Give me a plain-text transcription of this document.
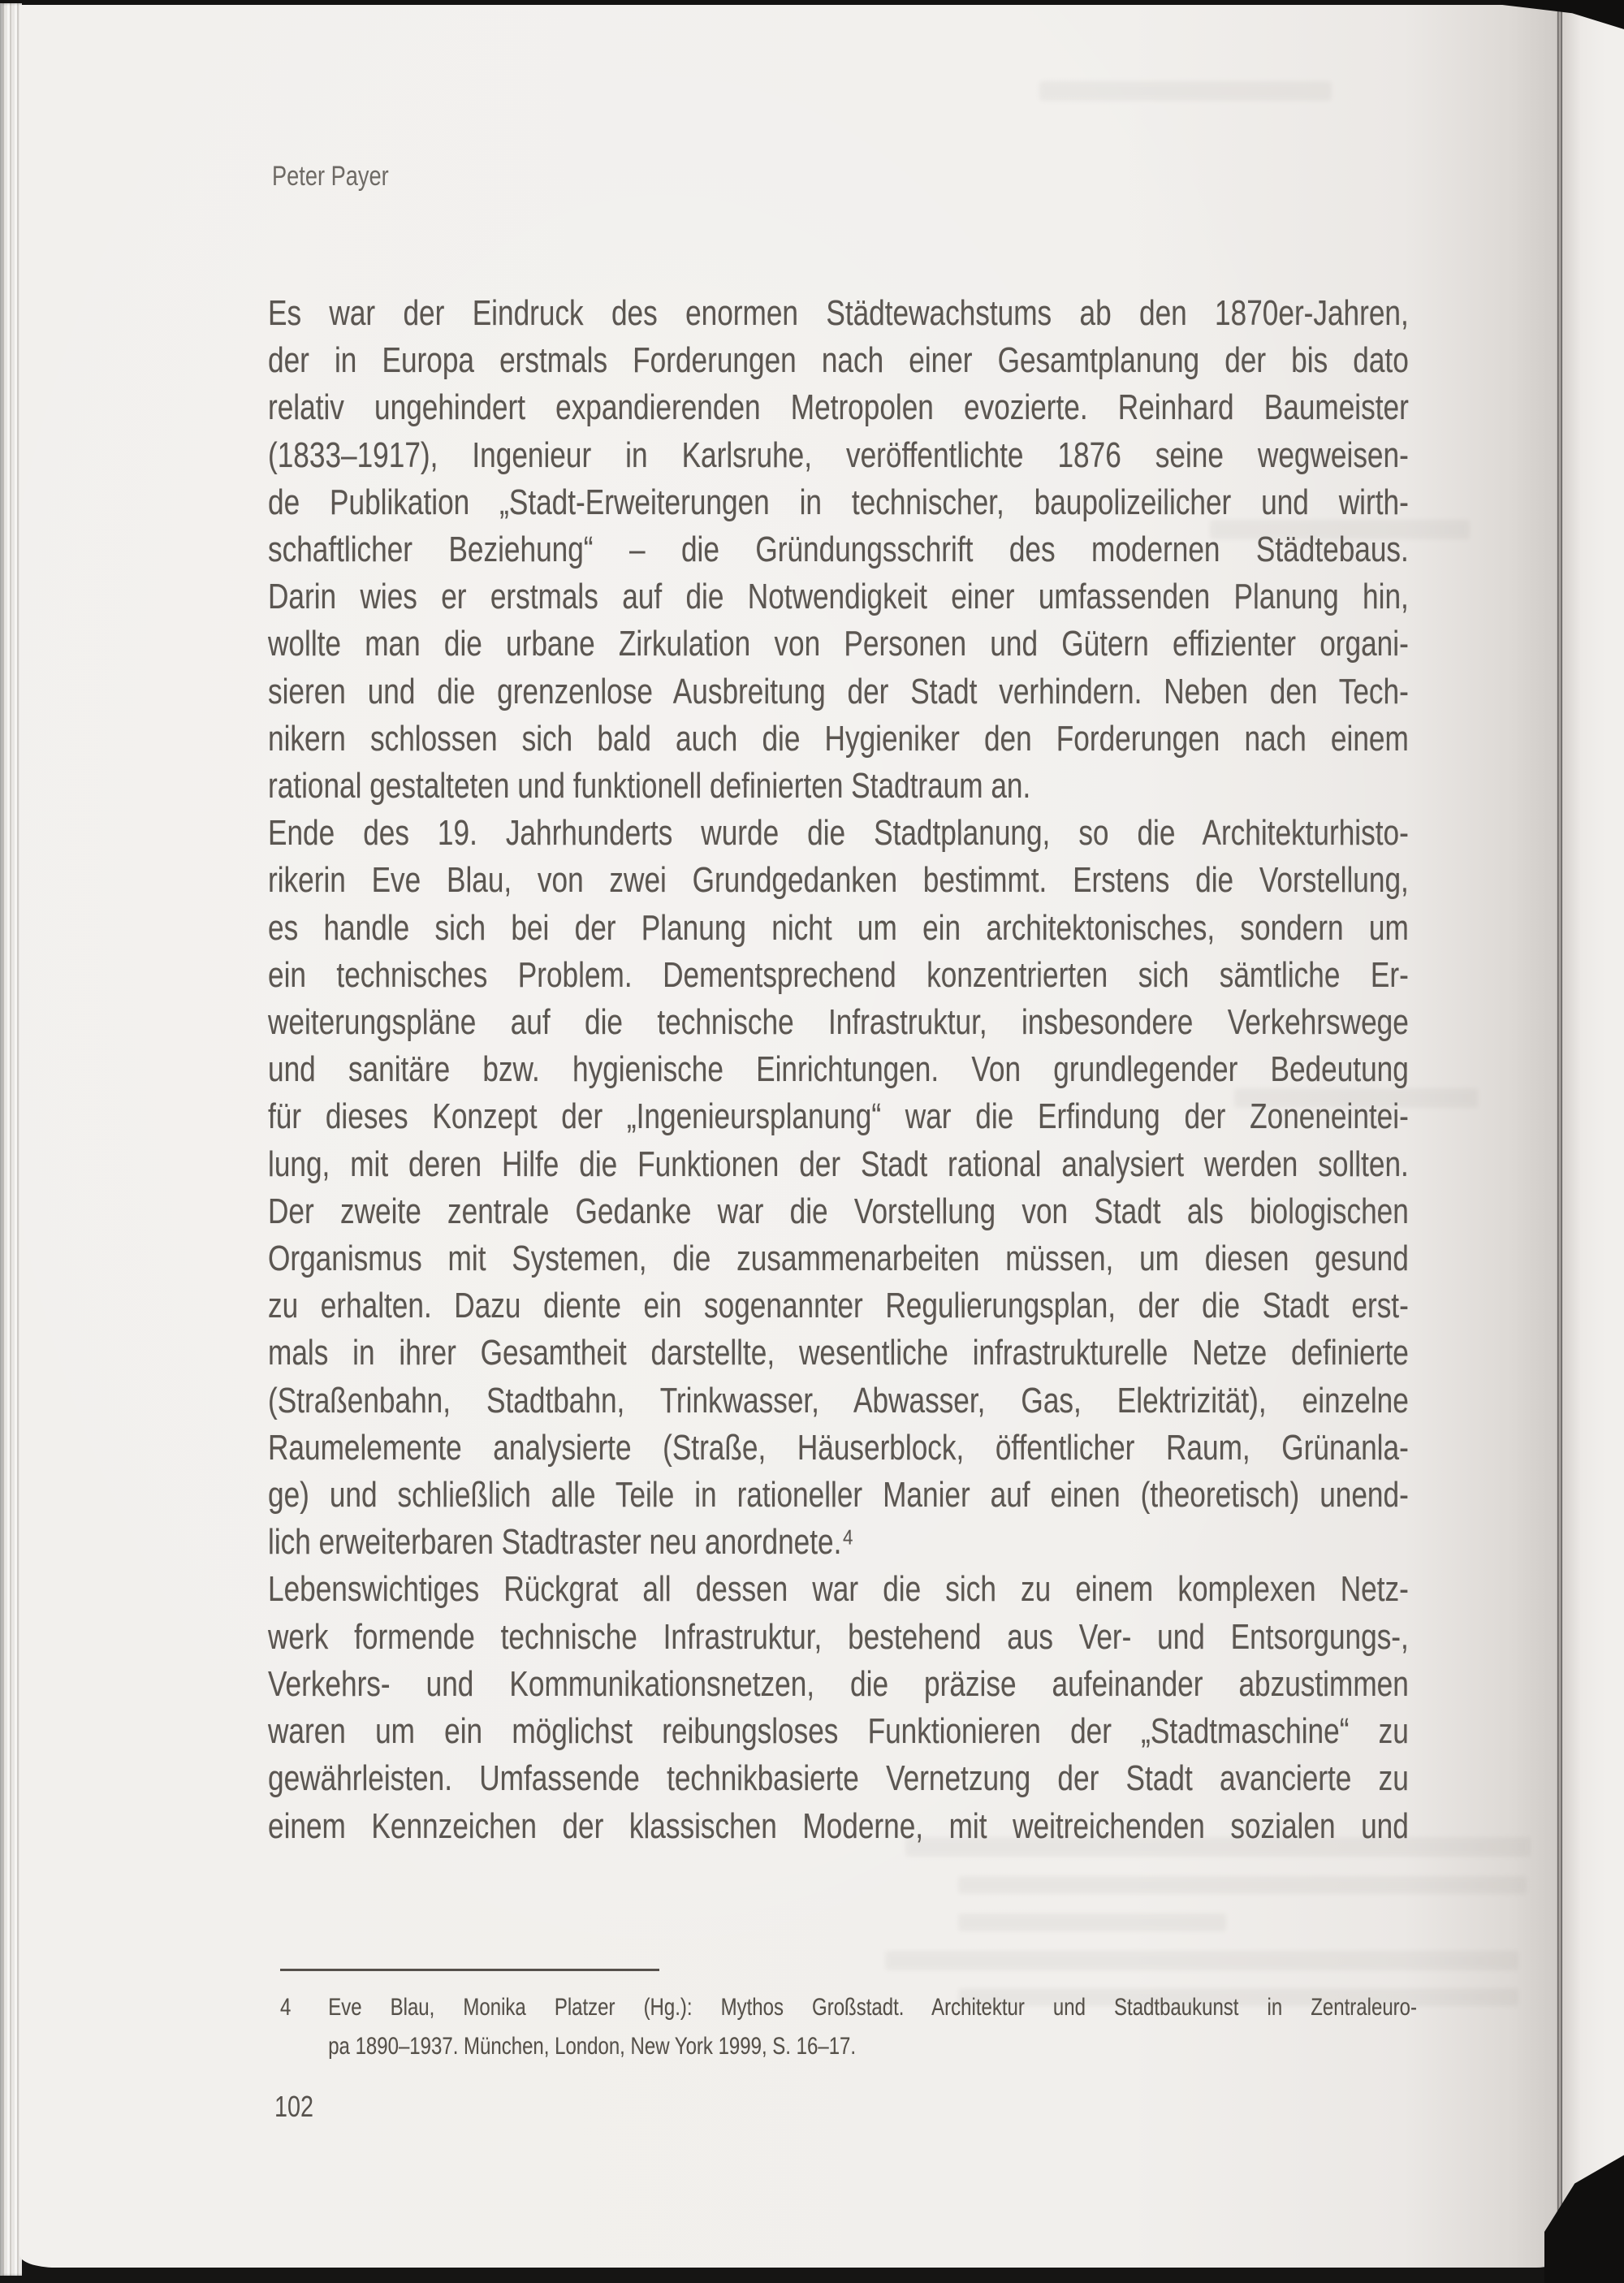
Peter Payer
Es war der Eindruck des enormen Städtewachstums ab den 1870er-Jahren,
der in Europa erstmals Forderungen nach einer Gesamtplanung der bis dato
relativ ungehindert expandierenden Metropolen evozierte. Reinhard Baumeister
(1833–1917), Ingenieur in Karlsruhe, veröffentlichte 1876 seine wegweisen-
de Publikation „Stadt-Erweiterungen in technischer, baupolizeilicher und wirth-
schaftlicher Beziehung“ – die Gründungsschrift des modernen Städtebaus.
Darin wies er erstmals auf die Notwendigkeit einer umfassenden Planung hin,
wollte man die urbane Zirkulation von Personen und Gütern effizienter organi-
sieren und die grenzenlose Ausbreitung der Stadt verhindern. Neben den Tech-
nikern schlossen sich bald auch die Hygieniker den Forderungen nach einem
rational gestalteten und funktionell definierten Stadtraum an.
Ende des 19. Jahrhunderts wurde die Stadtplanung, so die Architekturhisto-
rikerin Eve Blau, von zwei Grundgedanken bestimmt. Erstens die Vorstellung,
es handle sich bei der Planung nicht um ein architektonisches, sondern um
ein technisches Problem. Dementsprechend konzentrierten sich sämtliche Er-
weiterungspläne auf die technische Infrastruktur, insbesondere Verkehrswege
und sanitäre bzw. hygienische Einrichtungen. Von grundlegender Bedeutung
für dieses Konzept der „Ingenieursplanung“ war die Erfindung der Zoneneintei-
lung, mit deren Hilfe die Funktionen der Stadt rational analysiert werden sollten.
Der zweite zentrale Gedanke war die Vorstellung von Stadt als biologischen
Organismus mit Systemen, die zusammenarbeiten müssen, um diesen gesund
zu erhalten. Dazu diente ein sogenannter Regulierungsplan, der die Stadt erst-
mals in ihrer Gesamtheit darstellte, wesentliche infrastrukturelle Netze definierte
(Straßenbahn, Stadtbahn, Trinkwasser, Abwasser, Gas, Elektrizität), einzelne
Raumelemente analysierte (Straße, Häuserblock, öffentlicher Raum, Grünanla-
ge) und schließlich alle Teile in rationeller Manier auf einen (theoretisch) unend-
lich erweiterbaren Stadtraster neu anordnete.⁴
Lebenswichtiges Rückgrat all dessen war die sich zu einem komplexen Netz-
werk formende technische Infrastruktur, bestehend aus Ver- und Entsorgungs-,
Verkehrs- und Kommunikationsnetzen, die präzise aufeinander abzustimmen
waren um ein möglichst reibungsloses Funktionieren der „Stadtmaschine“ zu
gewährleisten. Umfassende technikbasierte Vernetzung der Stadt avancierte zu
einem Kennzeichen der klassischen Moderne, mit weitreichenden sozialen und
4	Eve Blau, Monika Platzer (Hg.): Mythos Großstadt. Architektur und Stadtbaukunst in Zentraleuro-
pa 1890–1937. München, London, New York 1999, S. 16–17.
102
